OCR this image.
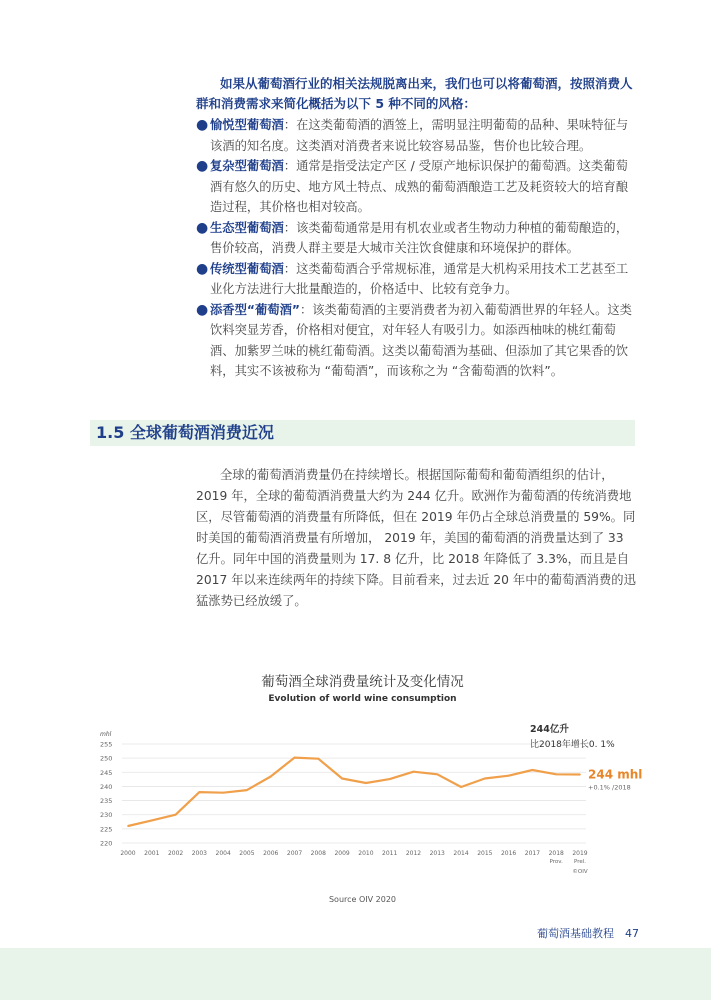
如果从葡萄酒行业的相关法规脱离出来，我们也可以将葡萄酒，按照消费人群和消费需求来简化概括为以下 5 种不同的风格：

● 愉悦型葡萄酒：在这类葡萄酒的酒签上，需明显注明葡萄的品种、果味特征与该酒的知名度。这类酒对消费者来说比较容易品鉴，售价也比较合理。
● 复杂型葡萄酒：通常是指受法定产区 / 受原产地标识保护的葡萄酒。这类葡萄酒有悠久的历史、地方风土特点、成熟的葡萄酒酿造工艺及耗资较大的培育酿造过程，其价格也相对较高。
● 生态型葡萄酒：该类葡萄通常是用有机农业或者生物动力种植的葡萄酿造的，售价较高，消费人群主要是大城市关注饮食健康和环境保护的群体。
● 传统型葡萄酒：这类葡萄酒合乎常规标准，通常是大机构采用技术工艺甚至工业化方法进行大批量酿造的，价格适中、比较有竞争力。
● 添香型“葡萄酒”：该类葡萄酒的主要消费者为初入葡萄酒世界的年轻人。这类饮料突显芳香，价格相对便宜，对年轻人有吸引力。如添西柚味的桃红葡萄酒、加紫罗兰味的桃红葡萄酒。这类以葡萄酒为基础、但添加了其它果香的饮料，其实不该被称为 “葡萄酒”，而该称之为 “含葡萄酒的饮料”。
1.5 全球葡萄酒消费近况

全球的葡萄酒消费量仍在持续增长。根据国际葡萄和葡萄酒组织的估计，2019 年，全球的葡萄酒消费量大约为 244 亿升。欧洲作为葡萄酒的传统消费地区，尽管葡萄酒的消费量有所降低，但在 2019 年仍占全球总消费量的 59%。同时美国的葡萄酒消费量有所增加， 2019 年，美国的葡萄酒的消费量达到了 33 亿升。同年中国的消费量则为 17. 8 亿升，比 2018 年降低了 3.3%，而且是自 2017 年以来连续两年的持续下降。目前看来，过去近 20 年中的葡萄酒消费的迅猛涨势已经放缓了。

葡萄酒全球消费量统计及变化情况
Evolution of world wine consumption
mhl
220
225
230
235
240
245
250
255
2000 2001 2002 2003 2004 2005 2006 2007 2008 2009 2010 2011 2012 2013 2014 2015 2016 2017 2018
Prov.
2019
Prel.
244亿升
比2018年增长0. 1%
244 mhl
+0.1% /2018
©OIV
Source OIV 2020
葡萄酒基础教程　47
